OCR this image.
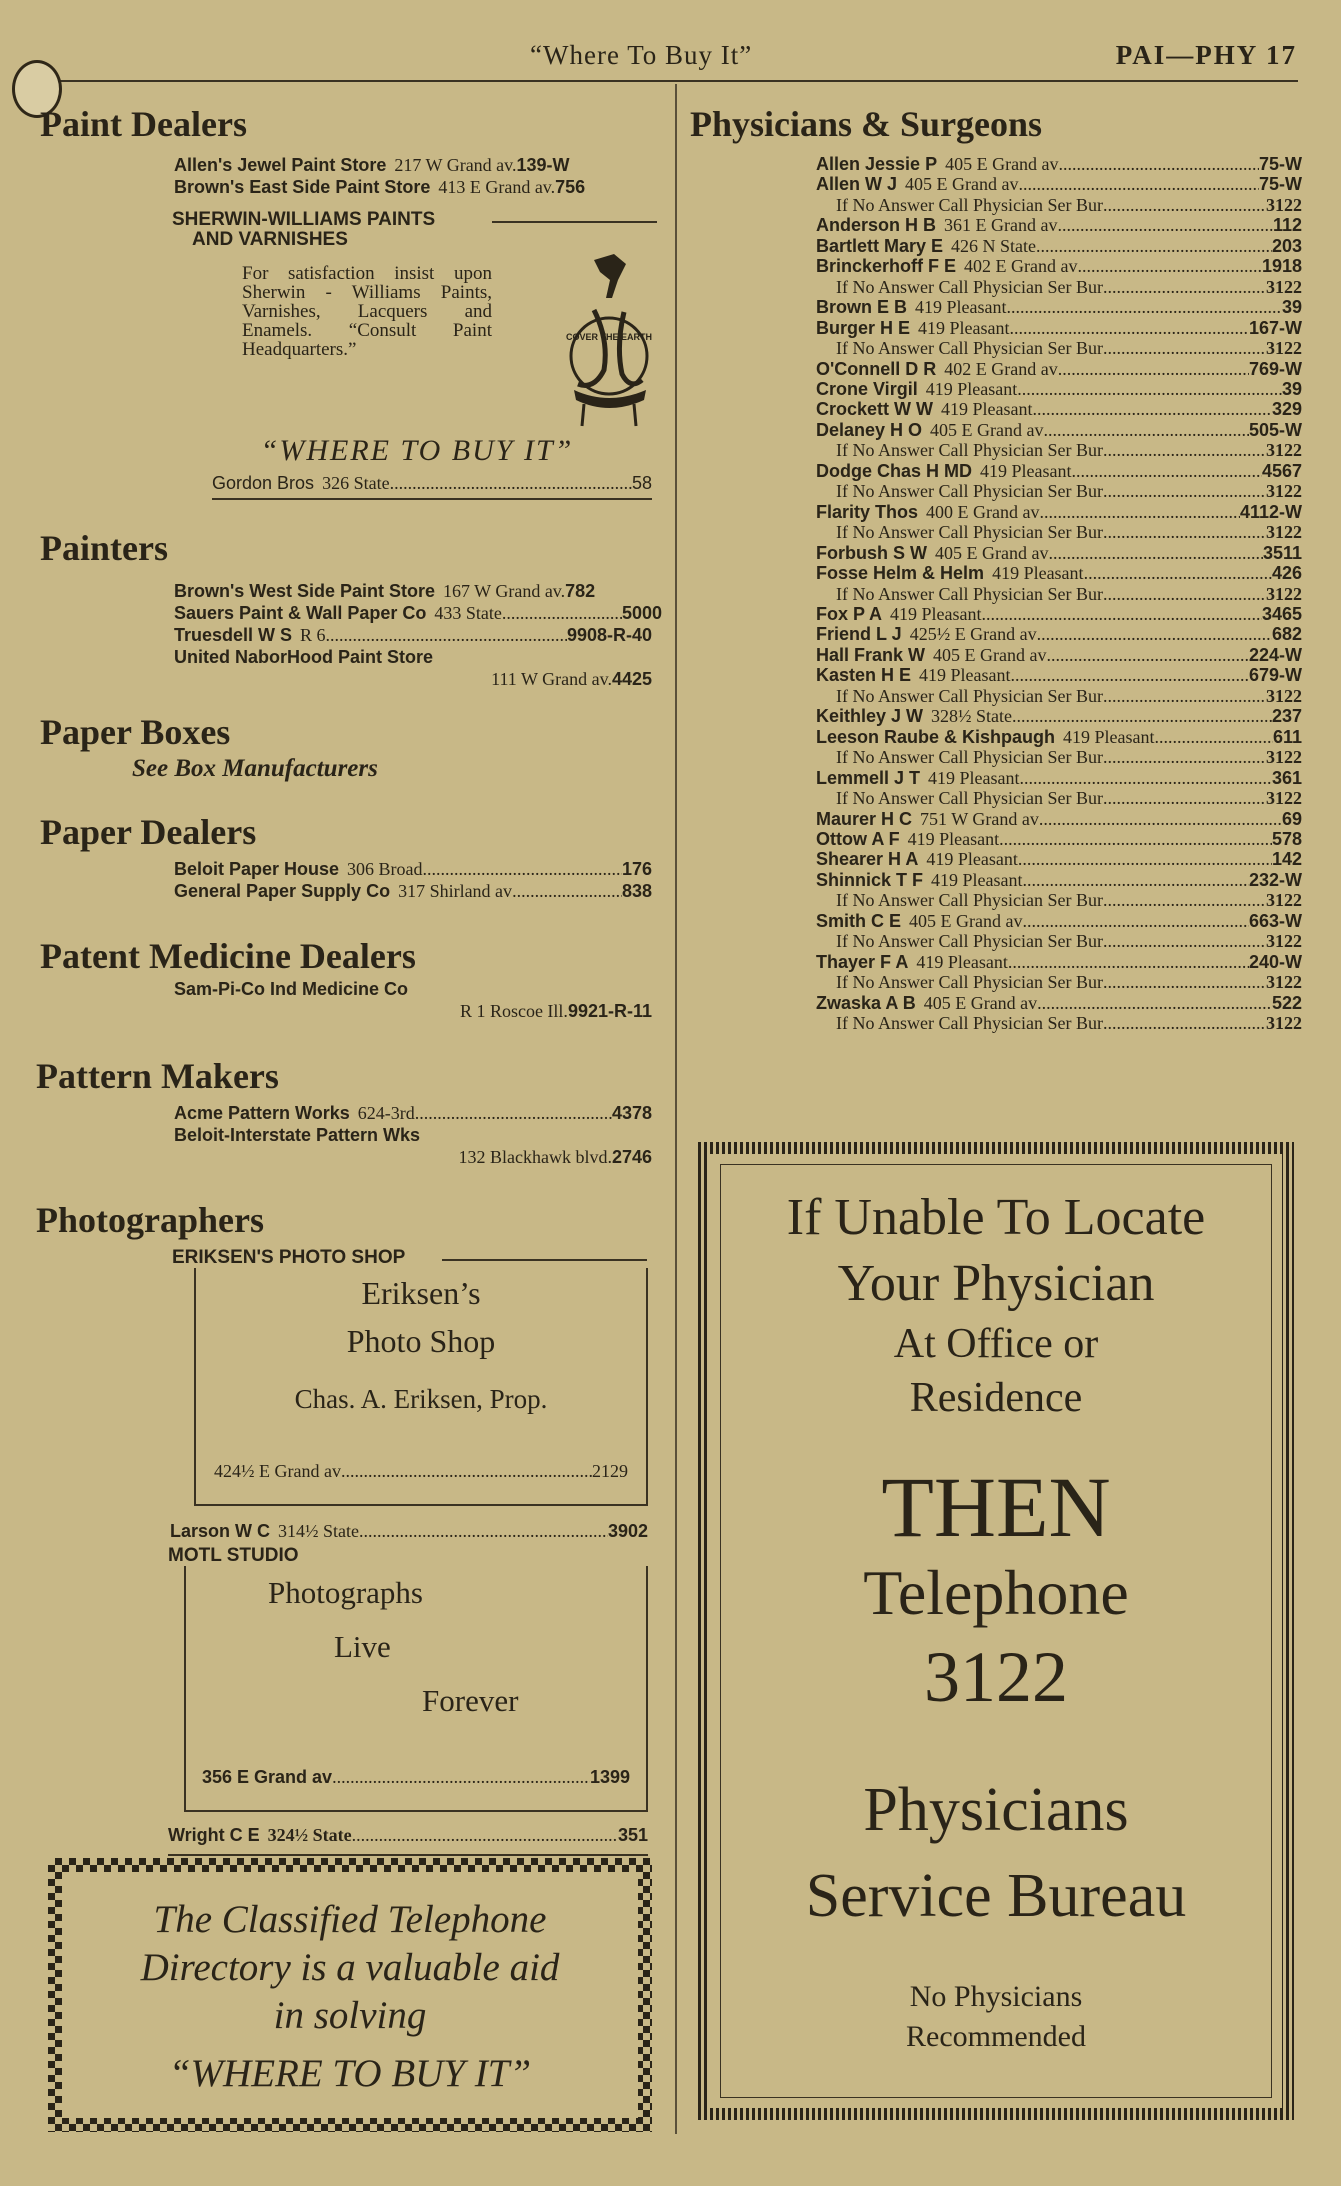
“Where To Buy It”	PAI—PHY 17
Paint Dealers
Allen's Jewel Paint Store 217 W Grand av. 139-W
Brown's East Side Paint Store 413 E Grand av. 756
SHERWIN-WILLIAMS PAINTS
AND VARNISHES
For satisfaction insist upon Sherwin - Williams Paints, Varnishes, Lacquers and Enamels. “Consult Paint Headquarters.”
COVER THE EARTH
“WHERE TO BUY IT”
Gordon Bros 326 State .....	58
Painters
Brown's West Side Paint Store 167 W Grand av. 782
Sauers Paint & Wall Paper Co 433 State. .....	5000
Truesdell W S R 6 .....	9908-R-40
United NaborHood Paint Store
111 W Grand av. 4425
Paper Boxes
See Box Manufacturers
Paper Dealers
Beloit Paper House 306 Broad .....	176
General Paper Supply Co 317 Shirland av .....	838
Patent Medicine Dealers
Sam-Pi-Co Ind Medicine Co
R 1 Roscoe Ill. 9921-R-11
Pattern Makers
Acme Pattern Works 624-3rd .....	4378
Beloit-Interstate Pattern Wks
132 Blackhawk blvd. 2746
Photographers
ERIKSEN'S PHOTO SHOP
Eriksen’s
Photo Shop
Chas. A. Eriksen, Prop.
424½ E Grand av .....	2129
Larson W C 314½ State .....	3902
MOTL STUDIO
Photographs
Live
Forever
356 E Grand av .....	1399
Wright C E 324½ State .....	351
The Classified Telephone
Directory is a valuable aid
in solving
“WHERE TO BUY IT”
Physicians & Surgeons
Allen Jessie P 405 E Grand av .....	75-W
Allen W J 405 E Grand av .....	75-W
If No Answer Call Physician Ser Bur .....	3122
Anderson H B 361 E Grand av .....	112
Bartlett Mary E 426 N State .....	203
Brinckerhoff F E 402 E Grand av .....	1918
If No Answer Call Physician Ser Bur .....	3122
Brown E B 419 Pleasant .....	39
Burger H E 419 Pleasant .....	167-W
If No Answer Call Physician Ser Bur .....	3122
O'Connell D R 402 E Grand av .....	769-W
Crone Virgil 419 Pleasant .....	39
Crockett W W 419 Pleasant .....	329
Delaney H O 405 E Grand av .....	505-W
If No Answer Call Physician Ser Bur .....	3122
Dodge Chas H MD 419 Pleasant .....	4567
If No Answer Call Physician Ser Bur .....	3122
Flarity Thos 400 E Grand av .....	4112-W
If No Answer Call Physician Ser Bur .....	3122
Forbush S W 405 E Grand av .....	3511
Fosse Helm & Helm 419 Pleasant .....	426
If No Answer Call Physician Ser Bur .....	3122
Fox P A 419 Pleasant .....	3465
Friend L J 425½ E Grand av .....	682
Hall Frank W 405 E Grand av .....	224-W
Kasten H E 419 Pleasant .....	679-W
If No Answer Call Physician Ser Bur .....	3122
Keithley J W 328½ State .....	237
Leeson Raube & Kishpaugh 419 Pleasant .....	611
If No Answer Call Physician Ser Bur .....	3122
Lemmell J T 419 Pleasant .....	361
If No Answer Call Physician Ser Bur .....	3122
Maurer H C 751 W Grand av .....	69
Ottow A F 419 Pleasant .....	578
Shearer H A 419 Pleasant .....	142
Shinnick T F 419 Pleasant .....	232-W
If No Answer Call Physician Ser Bur .....	3122
Smith C E 405 E Grand av .....	663-W
If No Answer Call Physician Ser Bur .....	3122
Thayer F A 419 Pleasant .....	240-W
If No Answer Call Physician Ser Bur .....	3122
Zwaska A B 405 E Grand av .....	522
If No Answer Call Physician Ser Bur .....	3122
If Unable To Locate
Your Physician
At Office or
Residence
THEN
Telephone
3122
Physicians
Service Bureau
No Physicians
Recommended
